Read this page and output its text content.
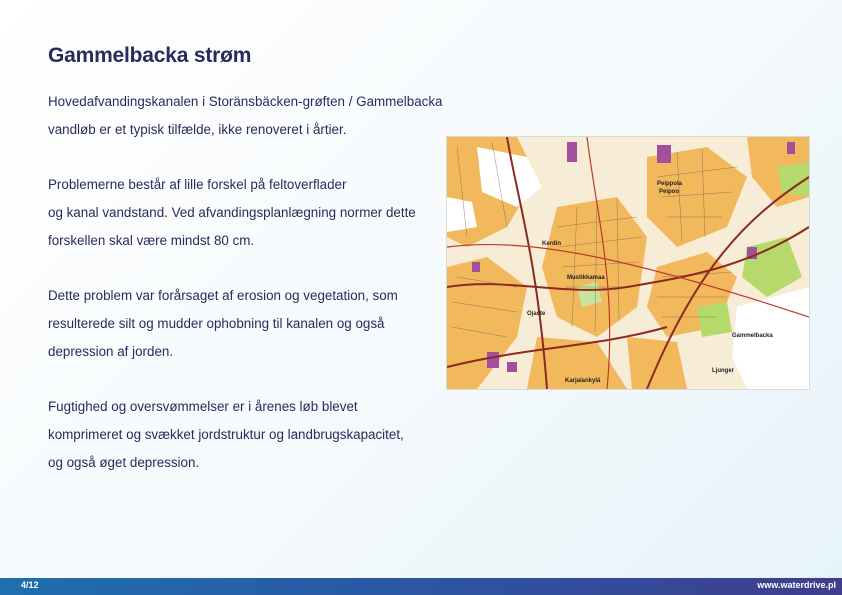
Gammelbacka strøm

Hovedafvandingskanalen i Storänsbäcken-grøften / Gammelbacka
vandløb er et typisk tilfælde, ikke renoveret i årtier.

Problemerne består af lille forskel på feltoverflader
og kanal vandstand. Ved afvandingsplanlægning normer dette
forskellen skal være mindst 80 cm.

Dette problem var forårsaget af erosion og vegetation, som
resulterede silt og mudder ophobning til kanalen og også
depression af jorden.

Fugtighed og oversvømmelser er i årenes løb blevet
komprimeret og svækket jordstruktur og landbrugskapacitet,
og også øget depression.

Peippola
Peipoo
Gammelbacka
Kerdin
Mustikkamaa
Karjalankylä
Ljunger
Ojaste
4/12	www.waterdrive.pl
